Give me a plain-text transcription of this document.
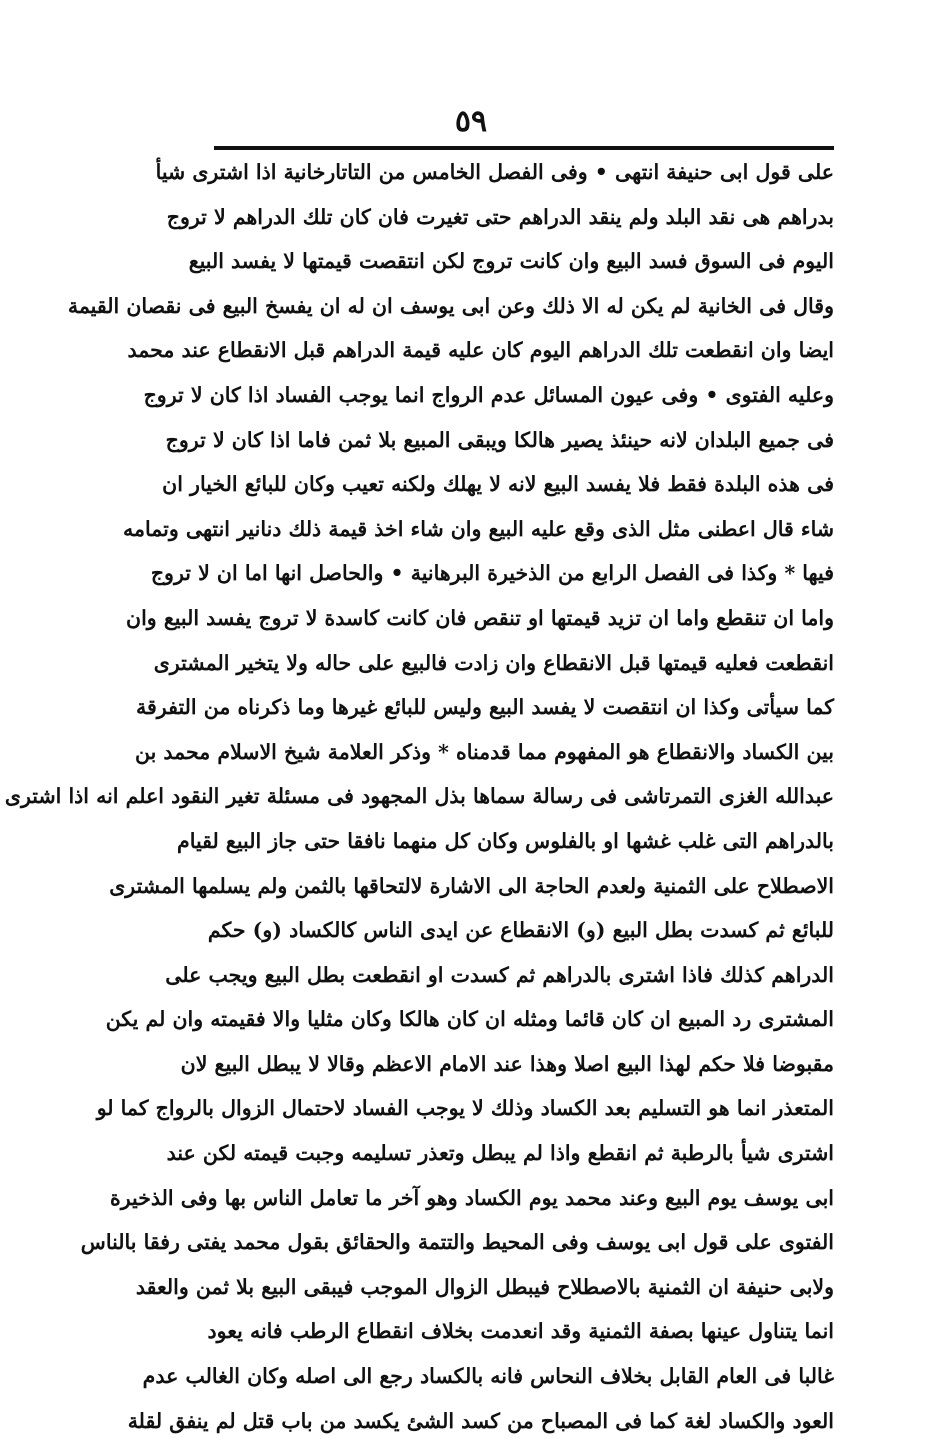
٥٩
على قول ابى حنيفة انتهى • وفى الفصل الخامس من التاتارخانية اذا اشترى شيأ
بدراهم هى نقد البلد ولم ينقد الدراهم حتى تغيرت فان كان تلك الدراهم لا تروج
اليوم فى السوق فسد البيع وان كانت تروج لكن انتقصت قيمتها لا يفسد البيع
وقال فى الخانية لم يكن له الا ذلك وعن ابى يوسف ان له ان يفسخ البيع فى نقصان القيمة
ايضا وان انقطعت تلك الدراهم اليوم كان عليه قيمة الدراهم قبل الانقطاع عند محمد
وعليه الفتوى • وفى عيون المسائل عدم الرواج انما يوجب الفساد اذا كان لا تروج
فى جميع البلدان لانه حينئذ يصير هالكا ويبقى المبيع بلا ثمن فاما اذا كان لا تروج
فى هذه البلدة فقط فلا يفسد البيع لانه لا يهلك ولكنه تعيب وكان للبائع الخيار ان
شاء قال اعطنى مثل الذى وقع عليه البيع وان شاء اخذ قيمة ذلك دنانير انتهى وتمامه
فيها * وكذا فى الفصل الرابع من الذخيرة البرهانية • والحاصل انها اما ان لا تروج
واما ان تنقطع واما ان تزيد قيمتها او تنقص فان كانت كاسدة لا تروج يفسد البيع وان
انقطعت فعليه قيمتها قبل الانقطاع وان زادت فالبيع على حاله ولا يتخير المشترى
كما سيأتى وكذا ان انتقصت لا يفسد البيع وليس للبائع غيرها وما ذكرناه من التفرقة
بين الكساد والانقطاع هو المفهوم مما قدمناه * وذكر العلامة شيخ الاسلام محمد بن
عبدالله الغزى التمرتاشى فى رسالة سماها بذل المجهود فى مسئلة تغير النقود اعلم انه اذا اشترى
بالدراهم التى غلب غشها او بالفلوس وكان كل منهما نافقا حتى جاز البيع لقيام
الاصطلاح على الثمنية ولعدم الحاجة الى الاشارة لالتحاقها بالثمن ولم يسلمها المشترى
للبائع ثم كسدت بطل البيع (و) الانقطاع عن ايدى الناس كالكساد (و) حكم
الدراهم كذلك فاذا اشترى بالدراهم ثم كسدت او انقطعت بطل البيع ويجب على
المشترى رد المبيع ان كان قائما ومثله ان كان هالكا وكان مثليا والا فقيمته وان لم يكن
مقبوضا فلا حكم لهذا البيع اصلا وهذا عند الامام الاعظم وقالا لا يبطل البيع لان
المتعذر انما هو التسليم بعد الكساد وذلك لا يوجب الفساد لاحتمال الزوال بالرواج كما لو
اشترى شيأ بالرطبة ثم انقطع واذا لم يبطل وتعذر تسليمه وجبت قيمته لكن عند
ابى يوسف يوم البيع وعند محمد يوم الكساد وهو آخر ما تعامل الناس بها وفى الذخيرة
الفتوى على قول ابى يوسف وفى المحيط والتتمة والحقائق بقول محمد يفتى رفقا بالناس
ولابى حنيفة ان الثمنية بالاصطلاح فيبطل الزوال الموجب فيبقى البيع بلا ثمن والعقد
انما يتناول عينها بصفة الثمنية وقد انعدمت بخلاف انقطاع الرطب فانه يعود
غالبا فى العام القابل بخلاف النحاس فانه بالكساد رجع الى اصله وكان الغالب عدم
العود والكساد لغة كما فى المصباح من كسد الشئ يكسد من باب قتل لم ينفق لقلة
